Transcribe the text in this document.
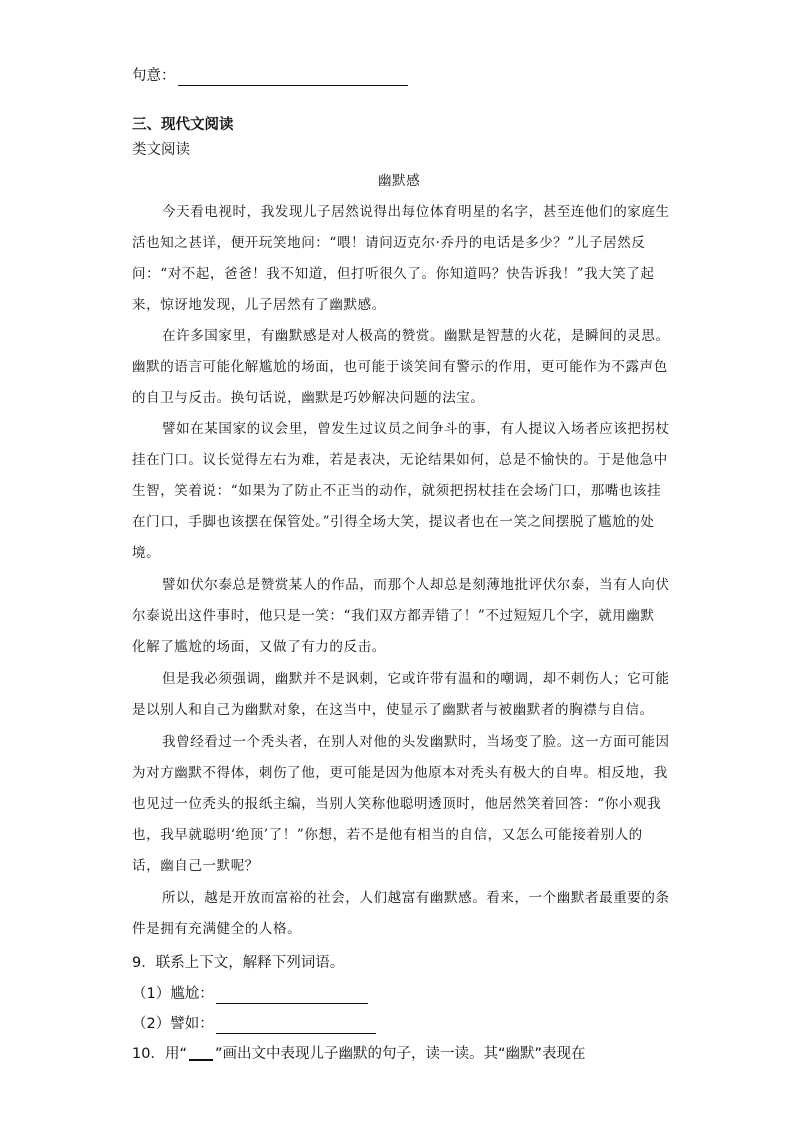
句意：
三、现代文阅读
类文阅读
幽默感
今天看电视时，我发现儿子居然说得出每位体育明星的名字，甚至连他们的家庭生
活也知之甚详，便开玩笑地问：“喂！请问迈克尔·乔丹的电话是多少？”儿子居然反
问：“对不起，爸爸！我不知道，但打听很久了。你知道吗？快告诉我！”我大笑了起
来，惊讶地发现，儿子居然有了幽默感。
在许多国家里，有幽默感是对人极高的赞赏。幽默是智慧的火花，是瞬间的灵思。
幽默的语言可能化解尴尬的场面，也可能于谈笑间有警示的作用，更可能作为不露声色
的自卫与反击。换句话说，幽默是巧妙解决问题的法宝。
譬如在某国家的议会里，曾发生过议员之间争斗的事，有人提议入场者应该把拐杖
挂在门口。议长觉得左右为难，若是表决，无论结果如何，总是不愉快的。于是他急中
生智，笑着说：“如果为了防止不正当的动作，就须把拐杖挂在会场门口，那嘴也该挂
在门口，手脚也该摆在保管处。”引得全场大笑，提议者也在一笑之间摆脱了尴尬的处
境。
譬如伏尔泰总是赞赏某人的作品，而那个人却总是刻薄地批评伏尔泰，当有人向伏
尔泰说出这件事时，他只是一笑：“我们双方都弄错了！”不过短短几个字，就用幽默
化解了尴尬的场面，又做了有力的反击。
但是我必须强调，幽默并不是讽刺，它或许带有温和的嘲调，却不刺伤人；它可能
是以别人和自己为幽默对象，在这当中，使显示了幽默者与被幽默者的胸襟与自信。
我曾经看过一个秃头者，在别人对他的头发幽默时，当场变了脸。这一方面可能因
为对方幽默不得体，刺伤了他，更可能是因为他原本对秃头有极大的自卑。相反地，我
也见过一位秃头的报纸主编，当别人笑称他聪明透顶时，他居然笑着回答：“你小观我
也，我早就聪明‘绝顶’了！”你想，若不是他有相当的自信，又怎么可能接着别人的
话，幽自己一默呢？
所以，越是开放而富裕的社会，人们越富有幽默感。看来，一个幽默者最重要的条
件是拥有充满健全的人格。
9．联系上下文，解释下列词语。
（1）尴尬：
（2）譬如：
10．用“ ”画出文中表现儿子幽默的句子，读一读。其“幽默”表现在
